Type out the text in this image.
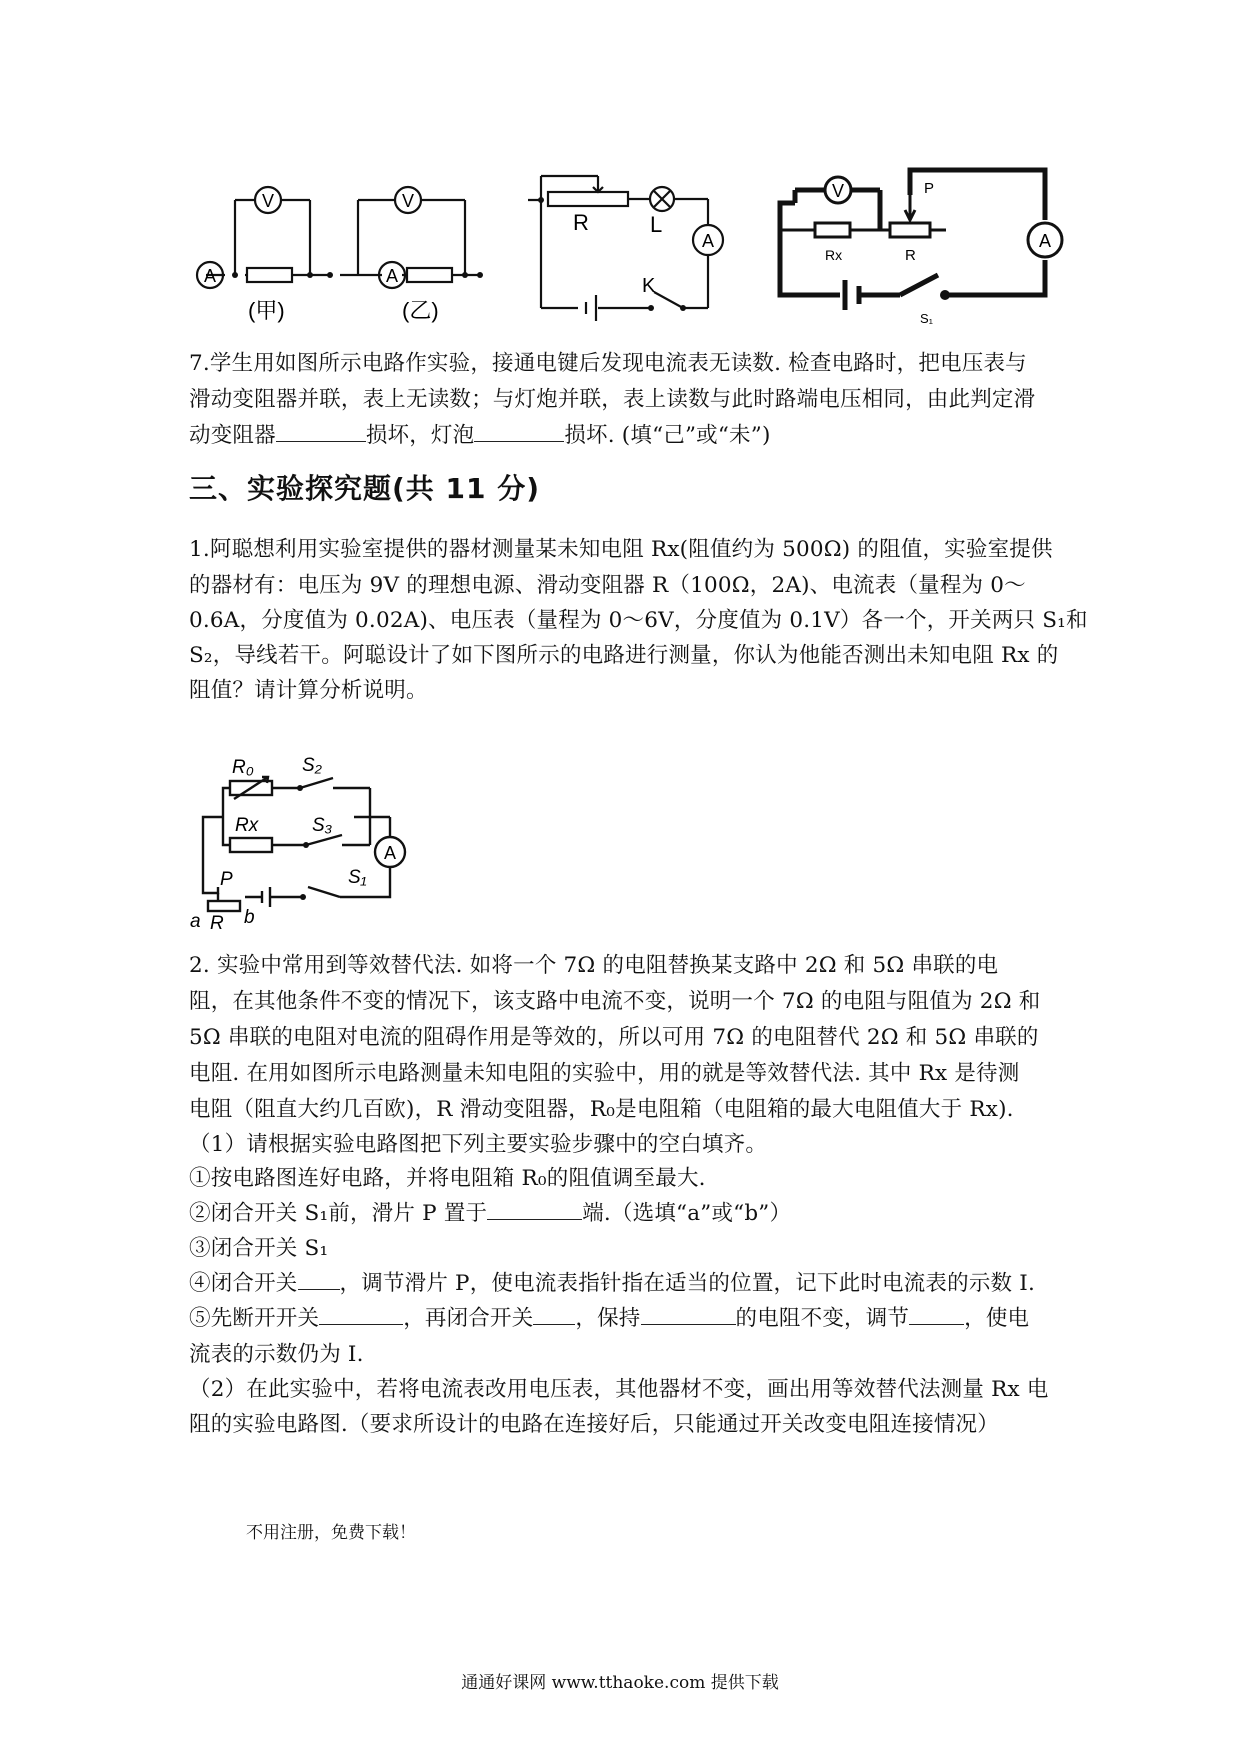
V
A
(甲)
V
A
(乙)
A
R	L
K
V
A
P
Rx	R
S₁
7.学生用如图所示电路作实验，接通电键后发现电流表无读数. 检查电路时，把电压表与
滑动变阻器并联，表上无读数；与灯炮并联，表上读数与此时路端电压相同，由此判定滑
动变阻器	损坏，灯泡	损坏. (填“己”或“未”)
三、实验探究题(共 11 分)
1.阿聪想利用实验室提供的器材测量某未知电阻 Rx(阻值约为 500Ω) 的阻值，实验室提供
的器材有：电压为 9V 的理想电源、滑动变阻器 R（100Ω，2A)、电流表（量程为 0～
0.6A，分度值为 0.02A)、电压表（量程为 0～6V，分度值为 0.1V）各一个，开关两只 S₁和
S₂，导线若干。阿聪设计了如下图所示的电路进行测量，你认为他能否测出未知电阻 Rx 的
阻值？请计算分析说明。
A
R₀	S₂
Rx	S₃
P	S₁
a R b
2. 实验中常用到等效替代法. 如将一个 7Ω 的电阻替换某支路中 2Ω 和 5Ω 串联的电
阻，在其他条件不变的情况下，该支路中电流不变，说明一个 7Ω 的电阻与阻值为 2Ω 和
5Ω 串联的电阻对电流的阻碍作用是等效的，所以可用 7Ω 的电阻替代 2Ω 和 5Ω 串联的
电阻. 在用如图所示电路测量未知电阻的实验中，用的就是等效替代法. 其中 Rx 是待测
电阻（阻直大约几百欧)，R 滑动变阻器，R₀是电阻箱（电阻箱的最大电阻值大于 Rx).
（1）请根据实验电路图把下列主要实验步骤中的空白填齐。
①按电路图连好电路，并将电阻箱 R₀的阻值调至最大.
②闭合开关 S₁前，滑片 P 置于	端.（选填“a”或“b”）
③闭合开关 S₁
④闭合开关 ，调节滑片 P，使电流表指针指在适当的位置，记下此时电流表的示数 I.
⑤先断开开关	，再闭合开关 ，保持	的电阻不变，调节	，使电
流表的示数仍为 I.
（2）在此实验中，若将电流表改用电压表，其他器材不变，画出用等效替代法测量 Rx 电
阻的实验电路图.（要求所设计的电路在连接好后，只能通过开关改变电阻连接情况）
不用注册，免费下载！
通通好课网 www.tthaoke.com 提供下载
